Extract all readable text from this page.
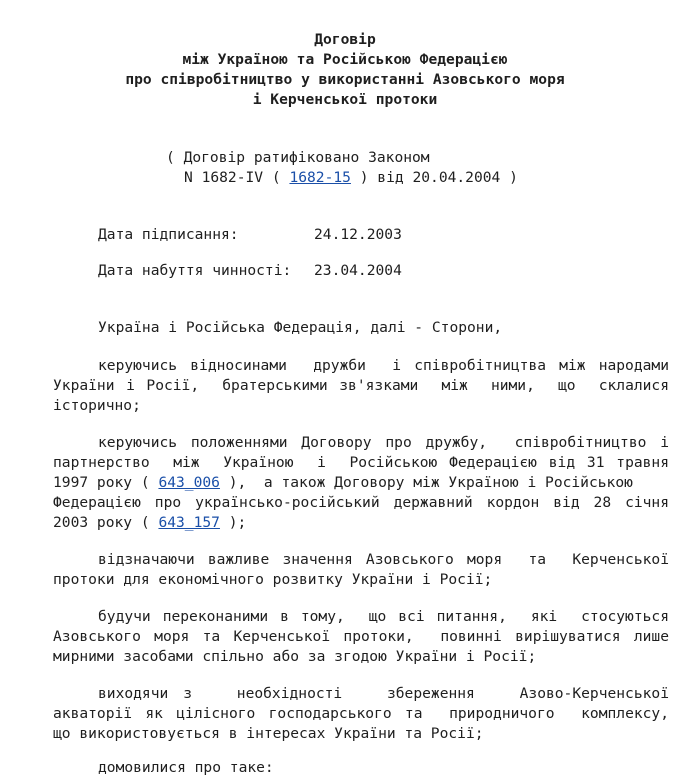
Договір
між Україною та Російською Федерацією
про співробітництво у використанні Азовського моря
і Керченської протоки
( Договір ратифіковано Законом
N 1682-IV ( 1682-15 ) від 20.04.2004 )
Дата підписання:	24.12.2003
Дата набуття чинності: 23.04.2004
Україна і Російська Федерація, далі - Сторони,
керуючись відносинами  дружби  і співробітництва між народами
України і Росії,  братерськими зв'язками  між  ними,  що  склалися
історично;
керуючись положеннями Договору про дружбу,  співробітництво і
партнерство  між  Україною  і  Російською Федерацією від 31 травня
1997 року ( 643_006 ),  а також Договору між Україною і Російською
Федерацією про українсько-російський державний кордон від 28 січня
2003 року ( 643_157 );
відзначаючи важливе значення Азовського моря  та  Керченської
протоки для економічного розвитку України і Росії;
будучи переконаними в тому,  що всі питання,  які  стосуються
Азовського моря та Керченської протоки,  повинні вирішуватися лише
мирними засобами спільно або за згодою України і Росії;
виходячи з   необхідності   збереження   Азово-Керченської
акваторії як цілісного господарського та  природничого  комплексу,
що використовується в інтересах України та Росії;
домовилися про таке:
